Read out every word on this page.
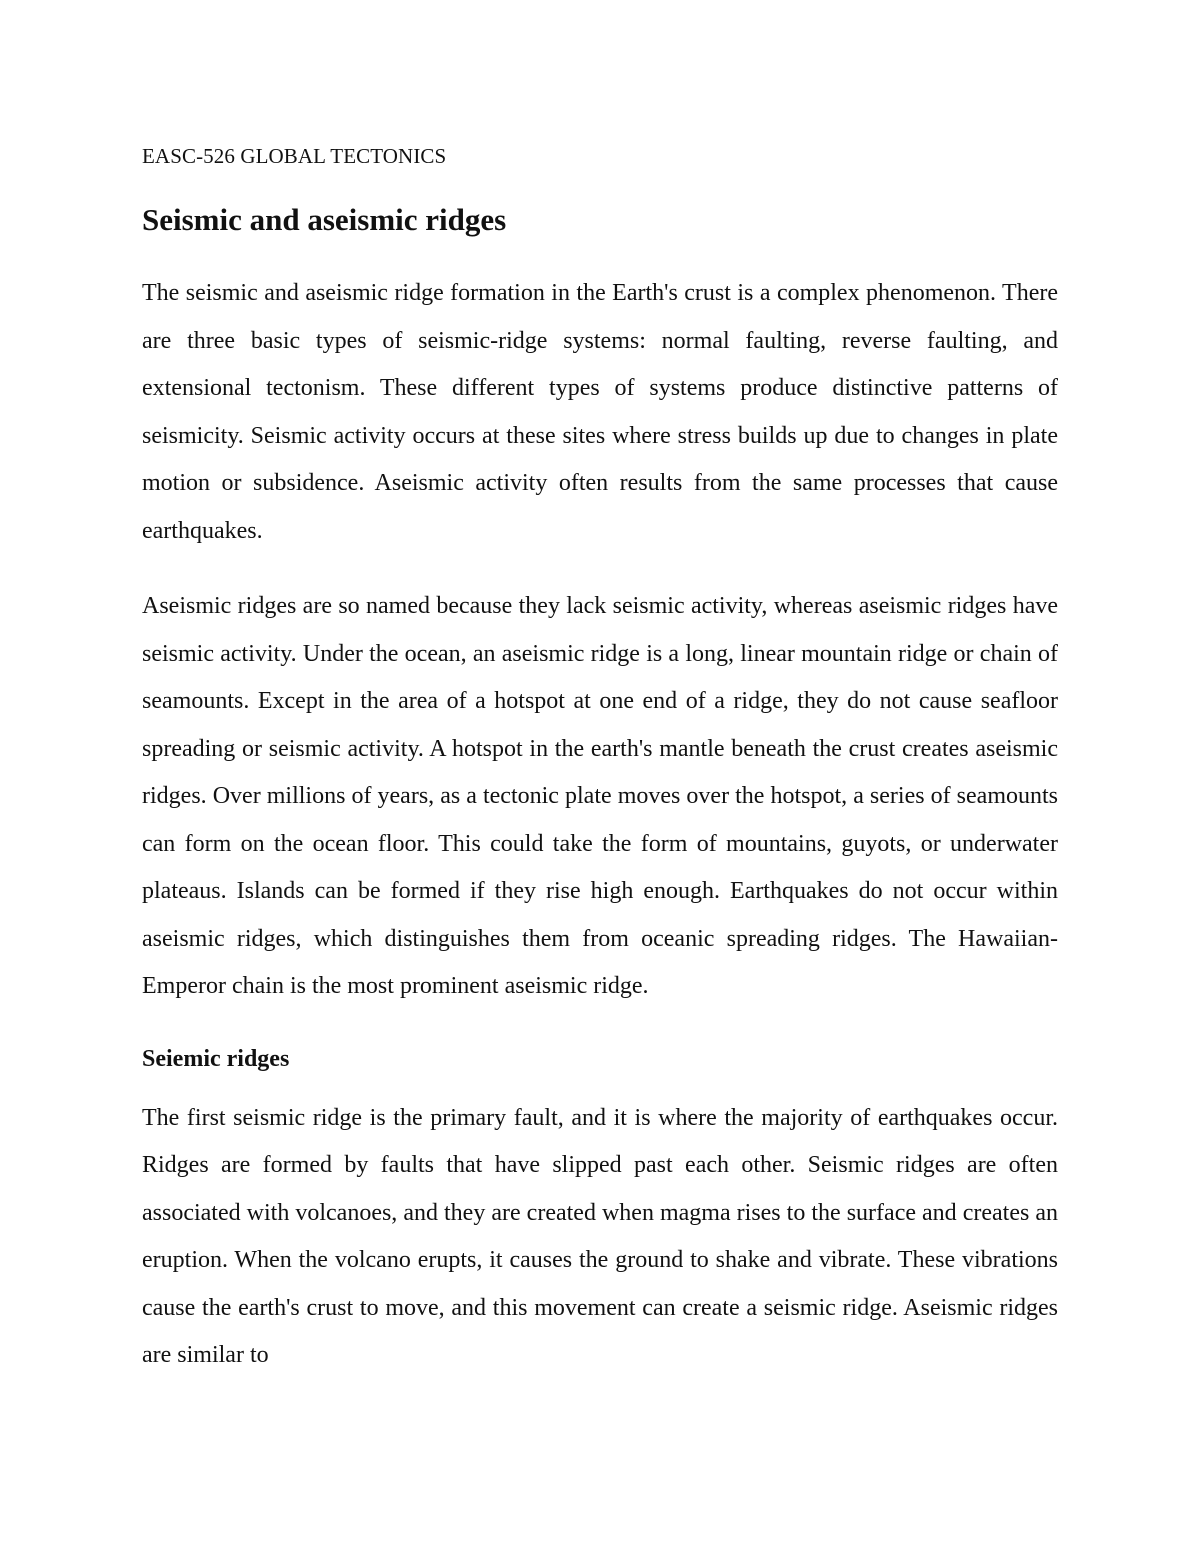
EASC-526 GLOBAL TECTONICS

Seismic and aseismic ridges

The seismic and aseismic ridge formation in the Earth's crust is a complex phenomenon. There are three basic types of seismic-ridge systems: normal faulting, reverse faulting, and extensional tectonism. These different types of systems produce distinctive patterns of seismicity. Seismic activity occurs at these sites where stress builds up due to changes in plate motion or subsidence. Aseismic activity often results from the same processes that cause earthquakes.

Aseismic ridges are so named because they lack seismic activity, whereas aseismic ridges have seismic activity. Under the ocean, an aseismic ridge is a long, linear mountain ridge or chain of seamounts. Except in the area of a hotspot at one end of a ridge, they do not cause seafloor spreading or seismic activity. A hotspot in the earth's mantle beneath the crust creates aseismic ridges. Over millions of years, as a tectonic plate moves over the hotspot, a series of seamounts can form on the ocean floor. This could take the form of mountains, guyots, or underwater plateaus. Islands can be formed if they rise high enough. Earthquakes do not occur within aseismic ridges, which distinguishes them from oceanic spreading ridges. The Hawaiian-Emperor chain is the most prominent aseismic ridge.

Seiemic ridges

The first seismic ridge is the primary fault, and it is where the majority of earthquakes occur. Ridges are formed by faults that have slipped past each other. Seismic ridges are often associated with volcanoes, and they are created when magma rises to the surface and creates an eruption. When the volcano erupts, it causes the ground to shake and vibrate. These vibrations cause the earth's crust to move, and this movement can create a seismic ridge. Aseismic ridges are similar to
